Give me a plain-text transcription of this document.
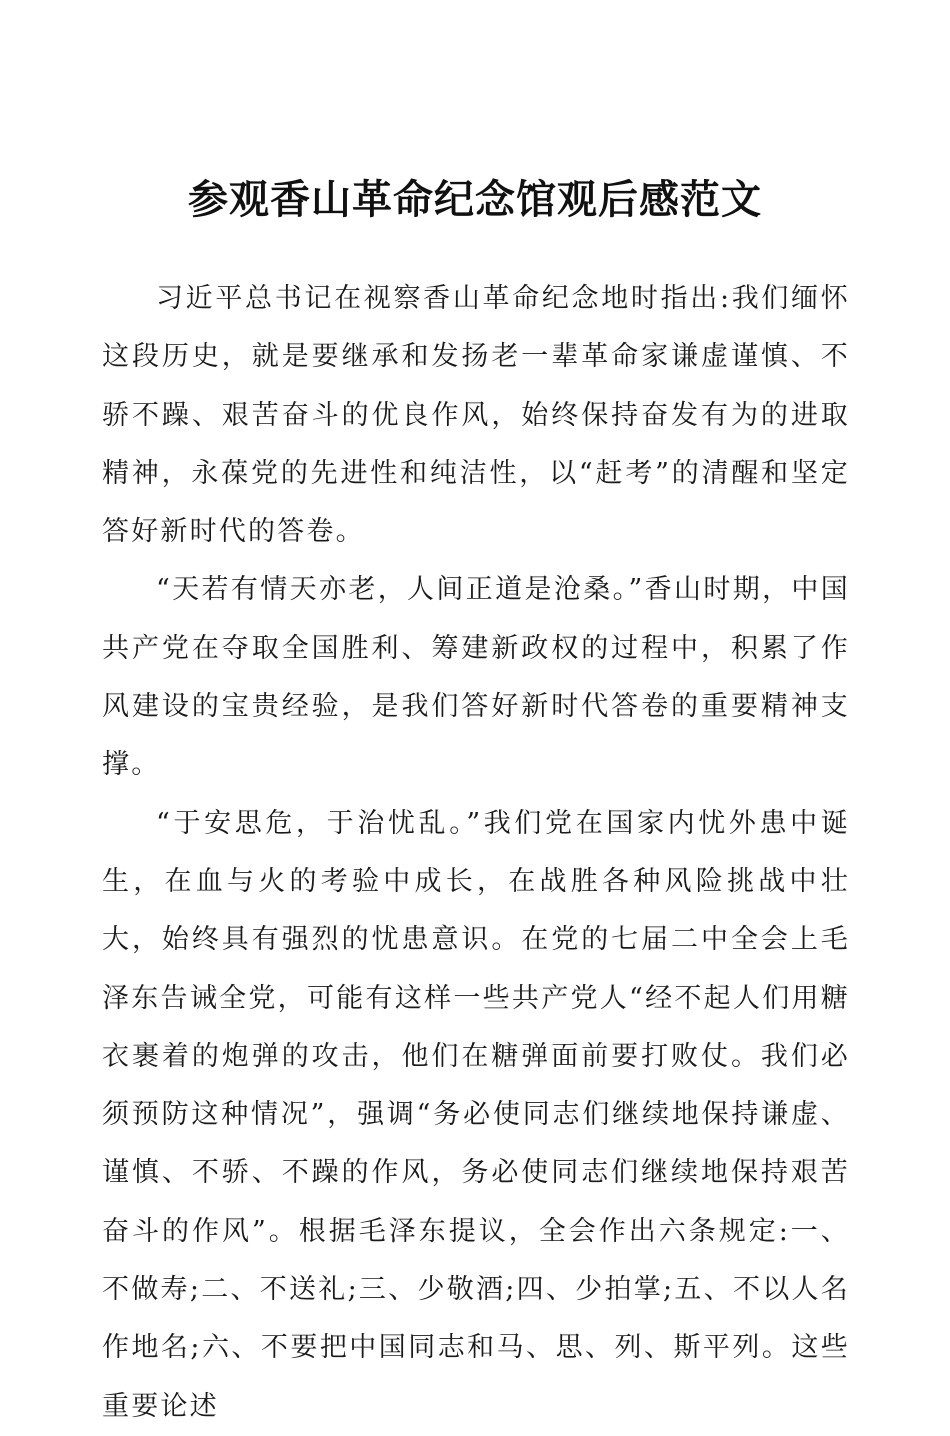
参观香山革命纪念馆观后感范文

习近平总书记在视察香山革命纪念地时指出:我们缅怀这段历史，就是要继承和发扬老一辈革命家谦虚谨慎、不骄不躁、艰苦奋斗的优良作风，始终保持奋发有为的进取精神，永葆党的先进性和纯洁性，以“赶考”的清醒和坚定答好新时代的答卷。

“天若有情天亦老，人间正道是沧桑。”香山时期，中国共产党在夺取全国胜利、筹建新政权的过程中，积累了作风建设的宝贵经验，是我们答好新时代答卷的重要精神支撑。

“于安思危，于治忧乱。”我们党在国家内忧外患中诞生，在血与火的考验中成长，在战胜各种风险挑战中壮大，始终具有强烈的忧患意识。在党的七届二中全会上毛泽东告诫全党，可能有这样一些共产党人“经不起人们用糖衣裹着的炮弹的攻击，他们在糖弹面前要打败仗。我们必须预防这种情况”，强调“务必使同志们继续地保持谦虚、谨慎、不骄、不躁的作风，务必使同志们继续地保持艰苦奋斗的作风”。根据毛泽东提议，全会作出六条规定:一、不做寿;二、不送礼;三、少敬酒;四、少拍掌;五、不以人名作地名;六、不要把中国同志和马、思、列、斯平列。这些重要论述
